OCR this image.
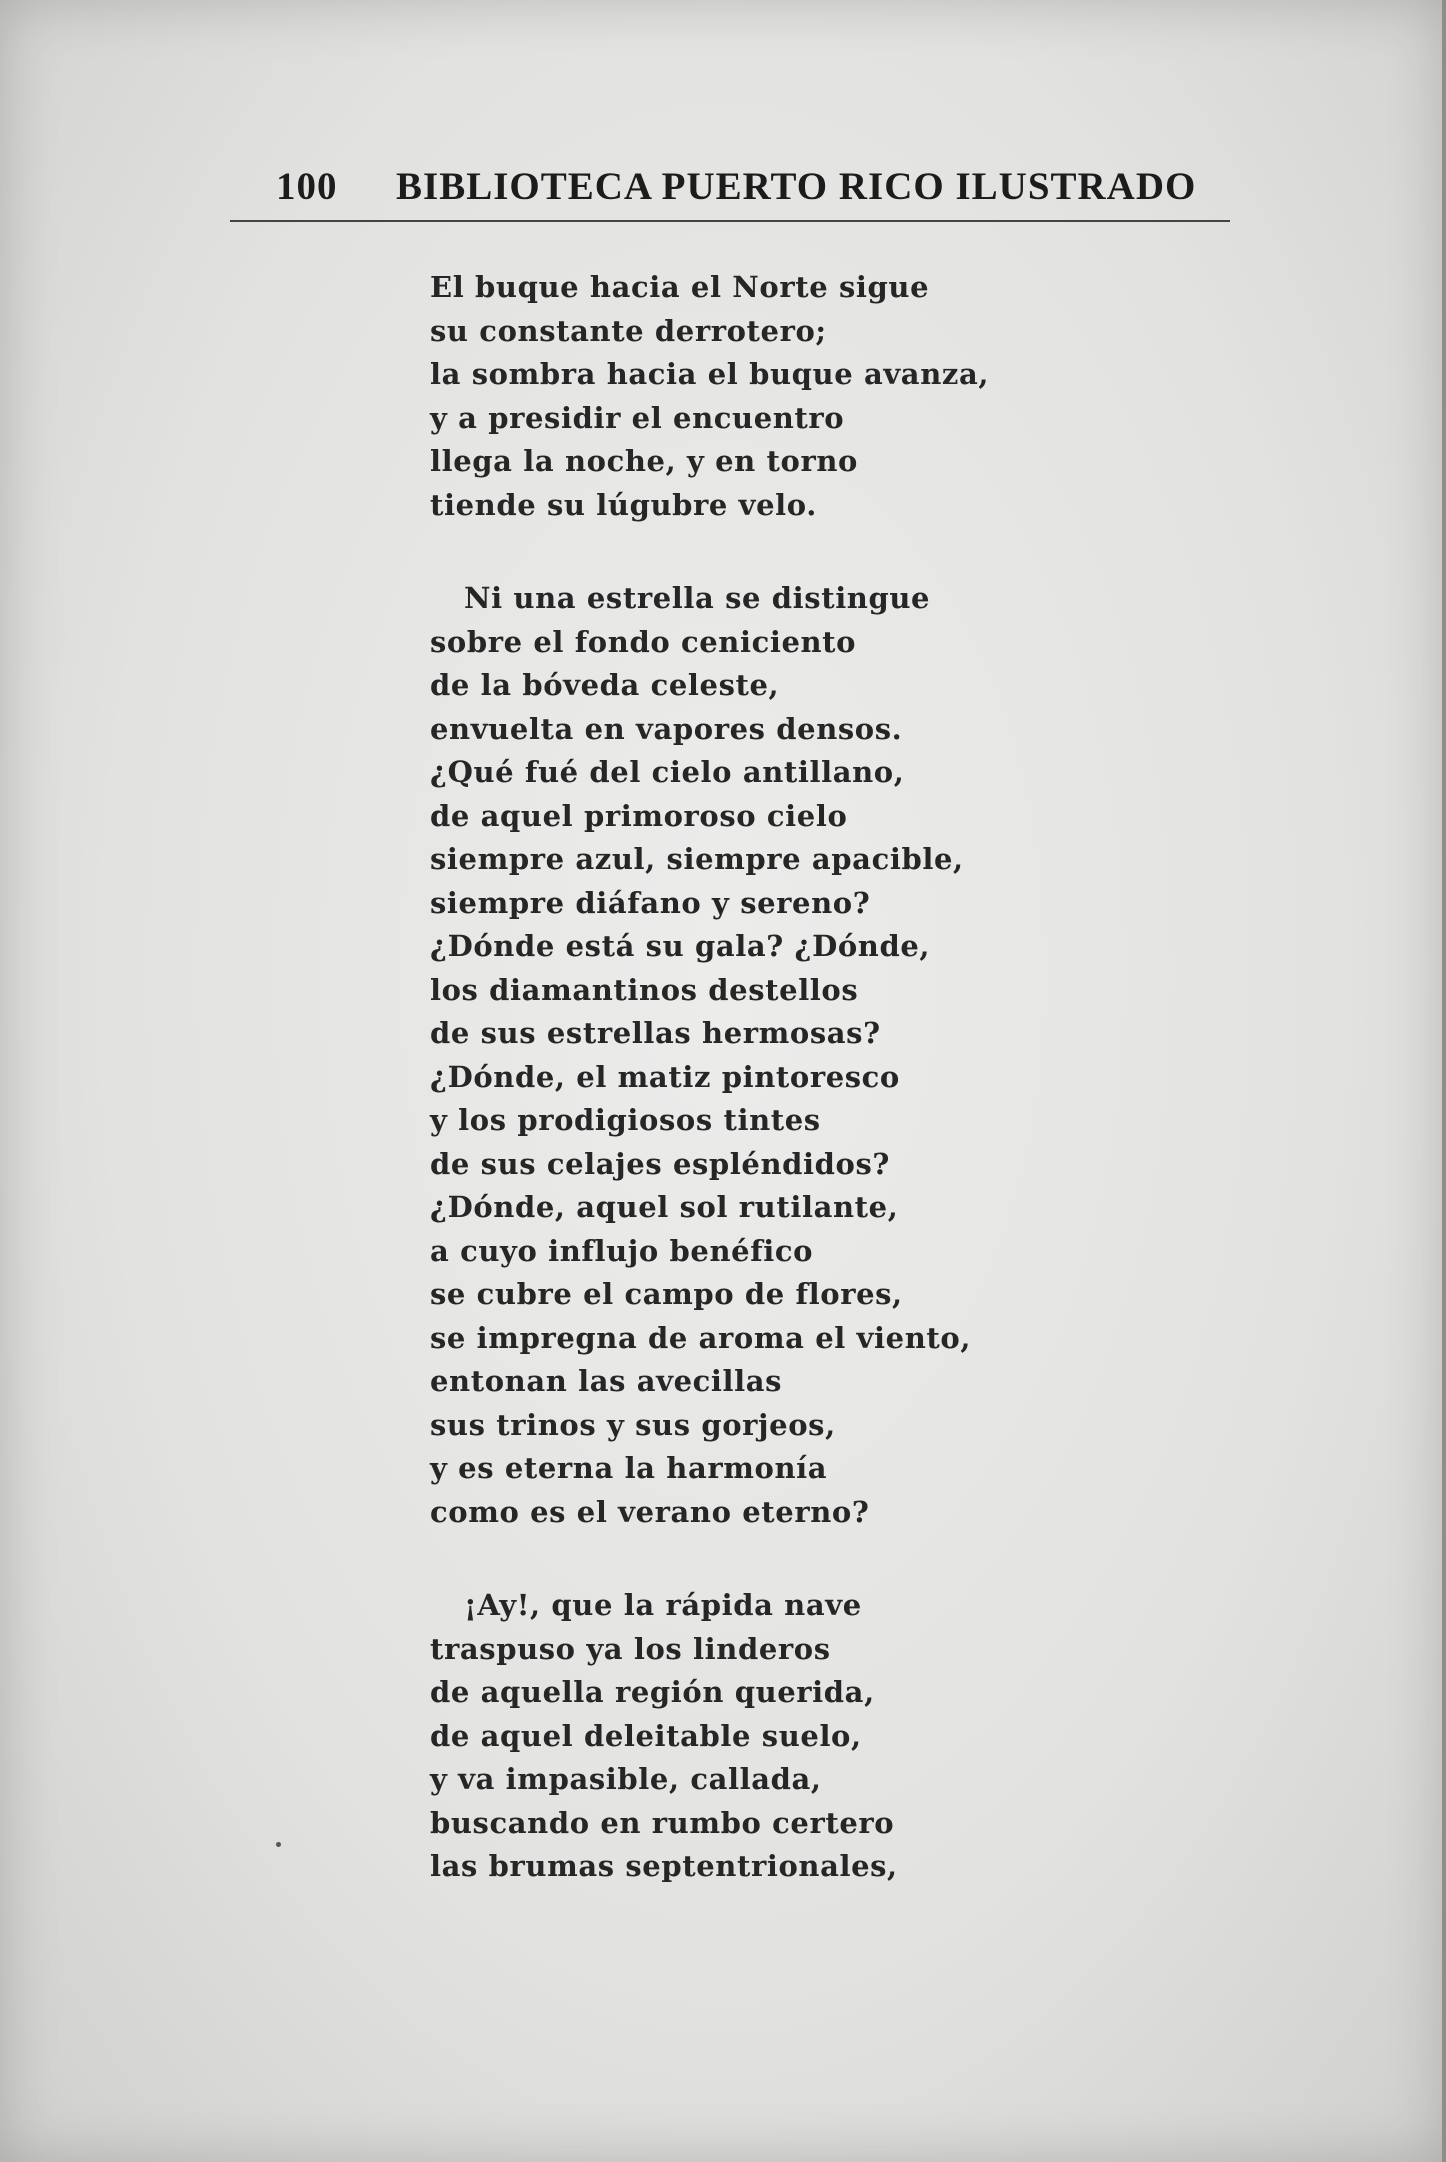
100 BIBLIOTECA PUERTO RICO ILUSTRADO
El buque hacia el Norte sigue
su constante derrotero;
la sombra hacia el buque avanza,
y a presidir el encuentro
llega la noche, y en torno
tiende su lúgubre velo.
Ni una estrella se distingue
sobre el fondo ceniciento
de la bóveda celeste,
envuelta en vapores densos.
¿Qué fué del cielo antillano,
de aquel primoroso cielo
siempre azul, siempre apacible,
siempre diáfano y sereno?
¿Dónde está su gala? ¿Dónde,
los diamantinos destellos
de sus estrellas hermosas?
¿Dónde, el matiz pintoresco
y los prodigiosos tintes
de sus celajes espléndidos?
¿Dónde, aquel sol rutilante,
a cuyo influjo benéfico
se cubre el campo de flores,
se impregna de aroma el viento,
entonan las avecillas
sus trinos y sus gorjeos,
y es eterna la harmonía
como es el verano eterno?
¡Ay!, que la rápida nave
traspuso ya los linderos
de aquella región querida,
de aquel deleitable suelo,
y va impasible, callada,
buscando en rumbo certero
las brumas septentrionales,
